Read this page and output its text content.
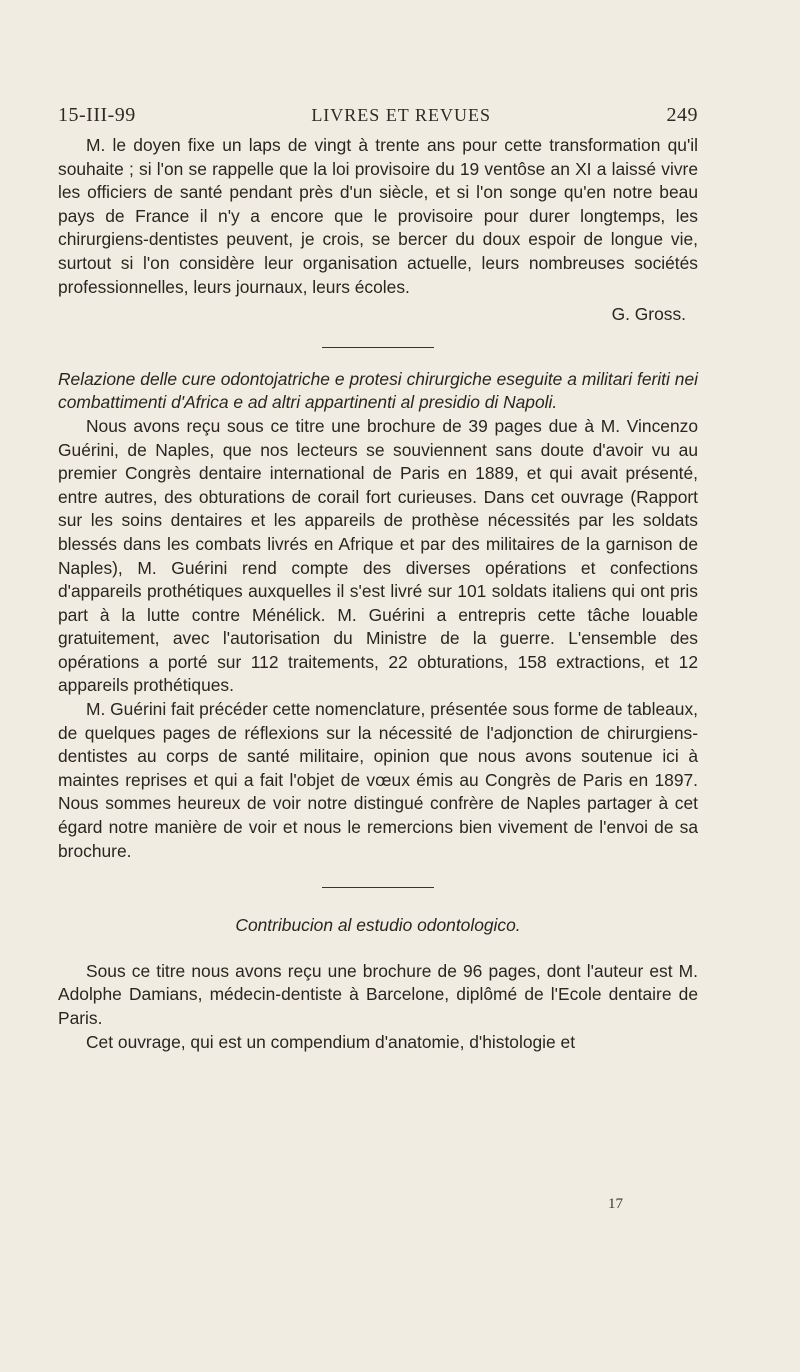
15-III-99	LIVRES ET REVUES	249

M. le doyen fixe un laps de vingt à trente ans pour cette transformation qu'il souhaite ; si l'on se rappelle que la loi provisoire du 19 ventôse an XI a laissé vivre les officiers de santé pendant près d'un siècle, et si l'on songe qu'en notre beau pays de France il n'y a encore que le provisoire pour durer longtemps, les chirurgiens-dentistes peuvent, je crois, se bercer du doux espoir de longue vie, surtout si l'on considère leur organisation actuelle, leurs nombreuses sociétés professionnelles, leurs journaux, leurs écoles.

G. Gross.

Relazione delle cure odontojatriche e protesi chirurgiche eseguite a militari feriti nei combattimenti d'Africa e ad altri appartinenti al presidio di Napoli.

Nous avons reçu sous ce titre une brochure de 39 pages due à M. Vincenzo Guérini, de Naples, que nos lecteurs se souviennent sans doute d'avoir vu au premier Congrès dentaire international de Paris en 1889, et qui avait présenté, entre autres, des obturations de corail fort curieuses. Dans cet ouvrage (Rapport sur les soins dentaires et les appareils de prothèse nécessités par les soldats blessés dans les combats livrés en Afrique et par des militaires de la garnison de Naples), M. Guérini rend compte des diverses opérations et confections d'appareils prothétiques auxquelles il s'est livré sur 101 soldats italiens qui ont pris part à la lutte contre Ménélick. M. Guérini a entrepris cette tâche louable gratuitement, avec l'autorisation du Ministre de la guerre. L'ensemble des opérations a porté sur 112 traitements, 22 obturations, 158 extractions, et 12 appareils prothétiques.

M. Guérini fait précéder cette nomenclature, présentée sous forme de tableaux, de quelques pages de réflexions sur la nécessité de l'adjonction de chirurgiens-dentistes au corps de santé militaire, opinion que nous avons soutenue ici à maintes reprises et qui a fait l'objet de vœux émis au Congrès de Paris en 1897. Nous sommes heureux de voir notre distingué confrère de Naples partager à cet égard notre manière de voir et nous le remercions bien vivement de l'envoi de sa brochure.

Contribucion al estudio odontologico.

Sous ce titre nous avons reçu une brochure de 96 pages, dont l'auteur est M. Adolphe Damians, médecin-dentiste à Barcelone, diplômé de l'Ecole dentaire de Paris.

Cet ouvrage, qui est un compendium d'anatomie, d'histologie et

17
